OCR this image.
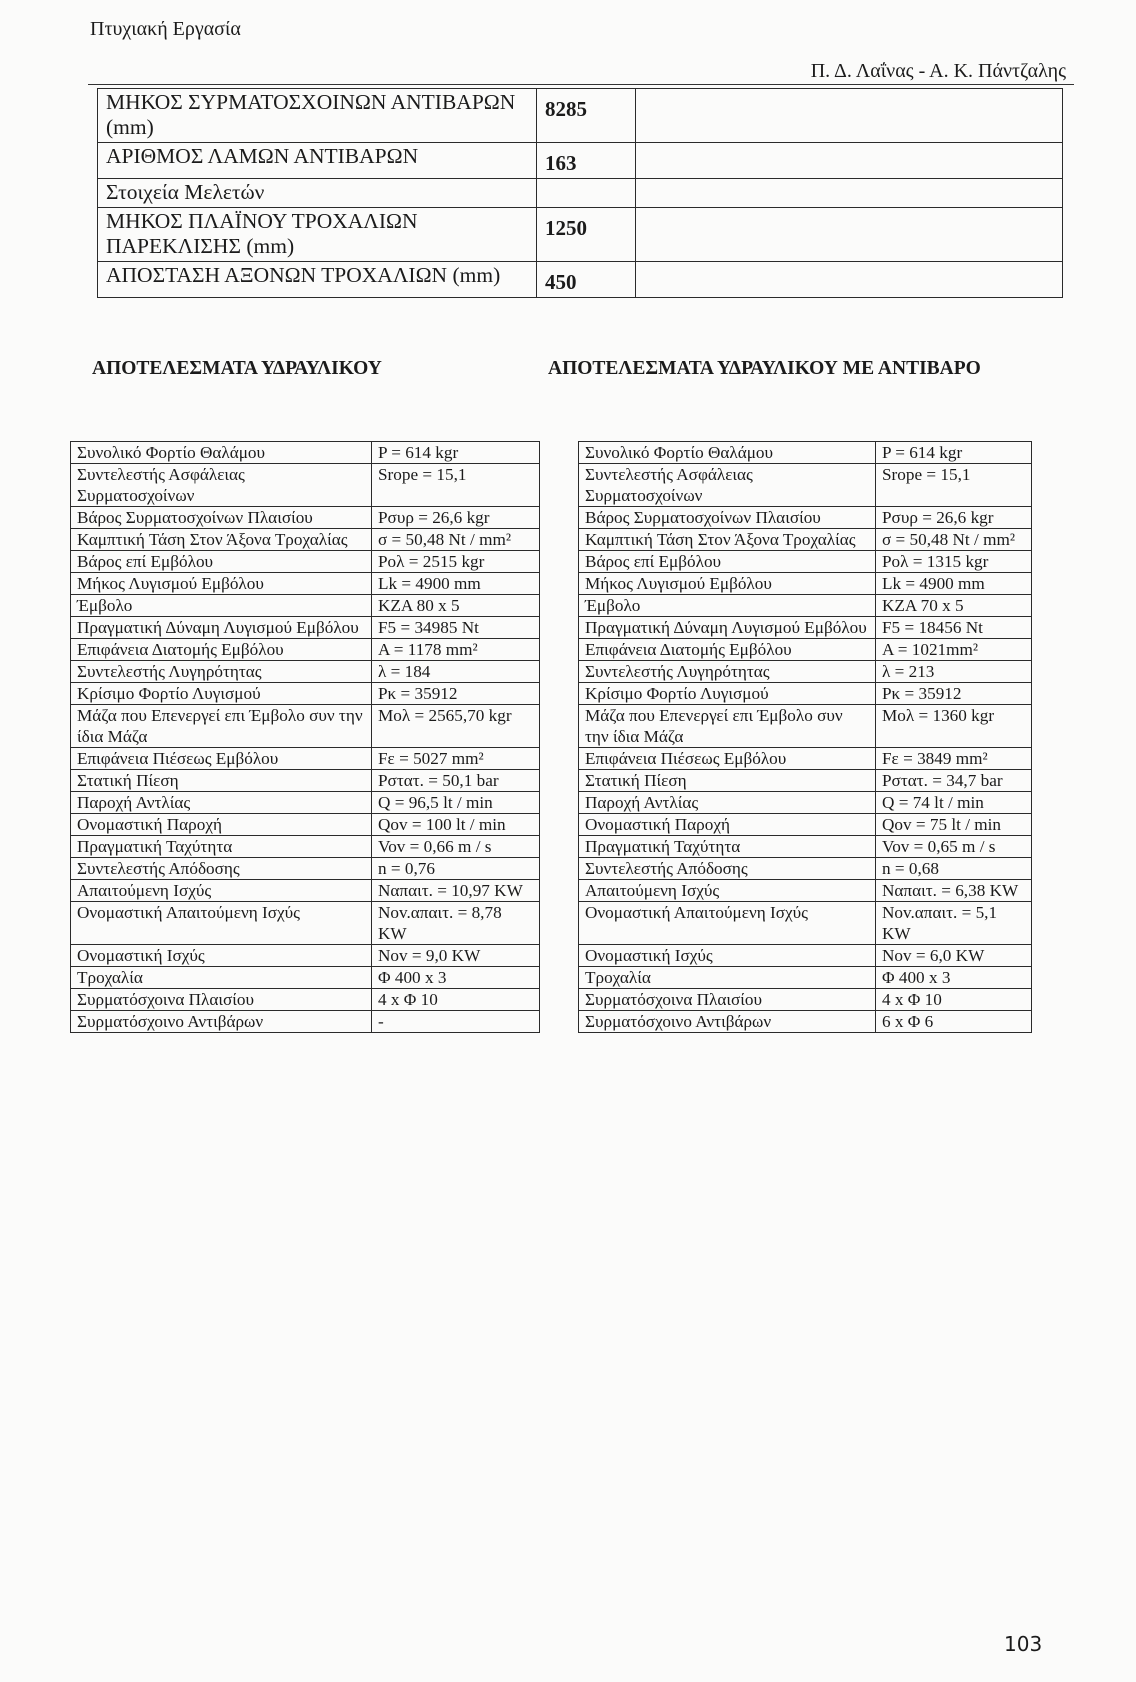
Πτυχιακή Εργασία
Π. Δ. Λαΐνας - Α. Κ. Πάντζαλης
ΜΗΚΟΣ ΣΥΡΜΑΤΟΣΧΟΙΝΩΝ ΑΝΤΙΒΑΡΩΝ (mm)	8285	
ΑΡΙΘΜΟΣ ΛΑΜΩΝ ΑΝΤΙΒΑΡΩΝ	163	
Στοιχεία Μελετών		
ΜΗΚΟΣ ΠΛΑΪΝΟΥ ΤΡΟΧΑΛΙΩΝ ΠΑΡΕΚΛΙΣΗΣ (mm)	1250	
ΑΠΟΣΤΑΣΗ ΑΞΟΝΩΝ ΤΡΟΧΑΛΙΩΝ (mm)	450	
ΑΠΟΤΕΛΕΣΜΑΤΑ ΥΔΡΑΥΛΙΚΟΥ	ΑΠΟΤΕΛΕΣΜΑΤΑ ΥΔΡΑΥΛΙΚΟΥ ΜΕ ΑΝΤΙΒΑΡΟ
Συνολικό Φορτίο Θαλάμου	P = 614 kgr
Συντελεστής Ασφάλειας Συρματοσχοίνων	Srope = 15,1
Βάρος Συρματοσχοίνων Πλαισίου	Ρσυρ = 26,6 kgr
Καμπτική Τάση Στον Άξονα Τροχαλίας	σ = 50,48 Nt / mm²
Βάρος επί Εμβόλου	Ρολ = 2515 kgr
Μήκος Λυγισμού Εμβόλου	Lk = 4900 mm
Έμβολο	KZA 80 x 5
Πραγματική Δύναμη Λυγισμού Εμβόλου	F5 = 34985 Nt
Επιφάνεια Διατομής Εμβόλου	A = 1178 mm²
Συντελεστής Λυγηρότητας	λ = 184
Κρίσιμο Φορτίο Λυγισμού	Ρκ = 35912
Μάζα που Επενεργεί επι Έμβολο συν την ίδια Μάζα	Μολ = 2565,70 kgr
Επιφάνεια Πιέσεως Εμβόλου	Fε = 5027 mm²
Στατική Πίεση	Ρστατ. = 50,1 bar
Παροχή Αντλίας	Q = 96,5 lt / min
Ονομαστική Παροχή	Qov = 100 lt / min
Πραγματική Ταχύτητα	Vov = 0,66 m / s
Συντελεστής Απόδοσης	n = 0,76
Απαιτούμενη Ισχύς	Ναπαιτ. = 10,97 KW
Ονομαστική Απαιτούμενη Ισχύς	Nov.απαιτ. = 8,78 KW
Ονομαστική Ισχύς	Nov = 9,0 KW
Τροχαλία	Φ 400 x 3
Συρματόσχοινα Πλαισίου	4 x Φ 10
Συρματόσχοινο Αντιβάρων	-
Συνολικό Φορτίο Θαλάμου	P = 614 kgr
Συντελεστής Ασφάλειας Συρματοσχοίνων	Srope = 15,1
Βάρος Συρματοσχοίνων Πλαισίου	Ρσυρ = 26,6 kgr
Καμπτική Τάση Στον Άξονα Τροχαλίας	σ = 50,48 Nt / mm²
Βάρος επί Εμβόλου	Ρολ = 1315 kgr
Μήκος Λυγισμού Εμβόλου	Lk = 4900 mm
Έμβολο	KZA 70 x 5
Πραγματική Δύναμη Λυγισμού Εμβόλου	F5 = 18456 Nt
Επιφάνεια Διατομής Εμβόλου	A = 1021mm²
Συντελεστής Λυγηρότητας	λ = 213
Κρίσιμο Φορτίο Λυγισμού	Ρκ = 35912
Μάζα που Επενεργεί επι Έμβολο συν την ίδια Μάζα	Μολ = 1360 kgr
Επιφάνεια Πιέσεως Εμβόλου	Fε = 3849 mm²
Στατική Πίεση	Ρστατ. = 34,7 bar
Παροχή Αντλίας	Q = 74 lt / min
Ονομαστική Παροχή	Qov = 75 lt / min
Πραγματική Ταχύτητα	Vov = 0,65 m / s
Συντελεστής Απόδοσης	n = 0,68
Απαιτούμενη Ισχύς	Ναπαιτ. = 6,38 KW
Ονομαστική Απαιτούμενη Ισχύς	Nov.απαιτ. = 5,1 KW
Ονομαστική Ισχύς	Nov = 6,0 KW
Τροχαλία	Φ 400 x 3
Συρματόσχοινα Πλαισίου	4 x Φ 10
Συρματόσχοινο Αντιβάρων	6 x Φ 6
103
